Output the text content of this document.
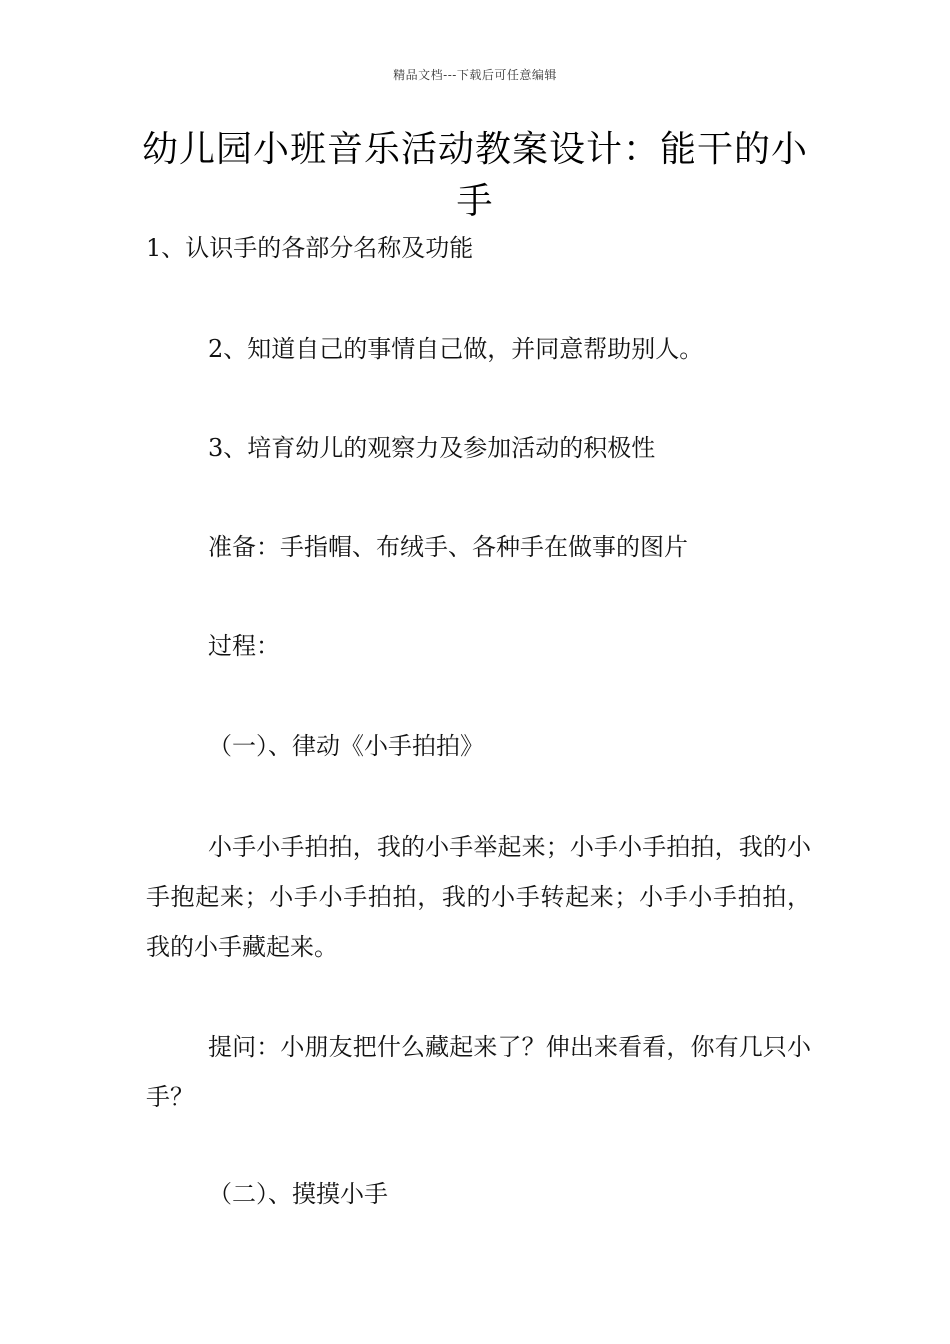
精品文档---下载后可任意编辑
幼儿园小班音乐活动教案设计：能干的小手
1、认识手的各部分名称及功能
2、知道自己的事情自己做，并同意帮助别人。
3、培育幼儿的观察力及参加活动的积极性
准备：手指帽、布绒手、各种手在做事的图片
过程：
（一）、律动《小手拍拍》
小手小手拍拍，我的小手举起来；小手小手拍拍，我的小手抱起来；小手小手拍拍，我的小手转起来；小手小手拍拍，我的小手藏起来。
提问：小朋友把什么藏起来了？伸出来看看，你有几只小手？
（二）、摸摸小手
